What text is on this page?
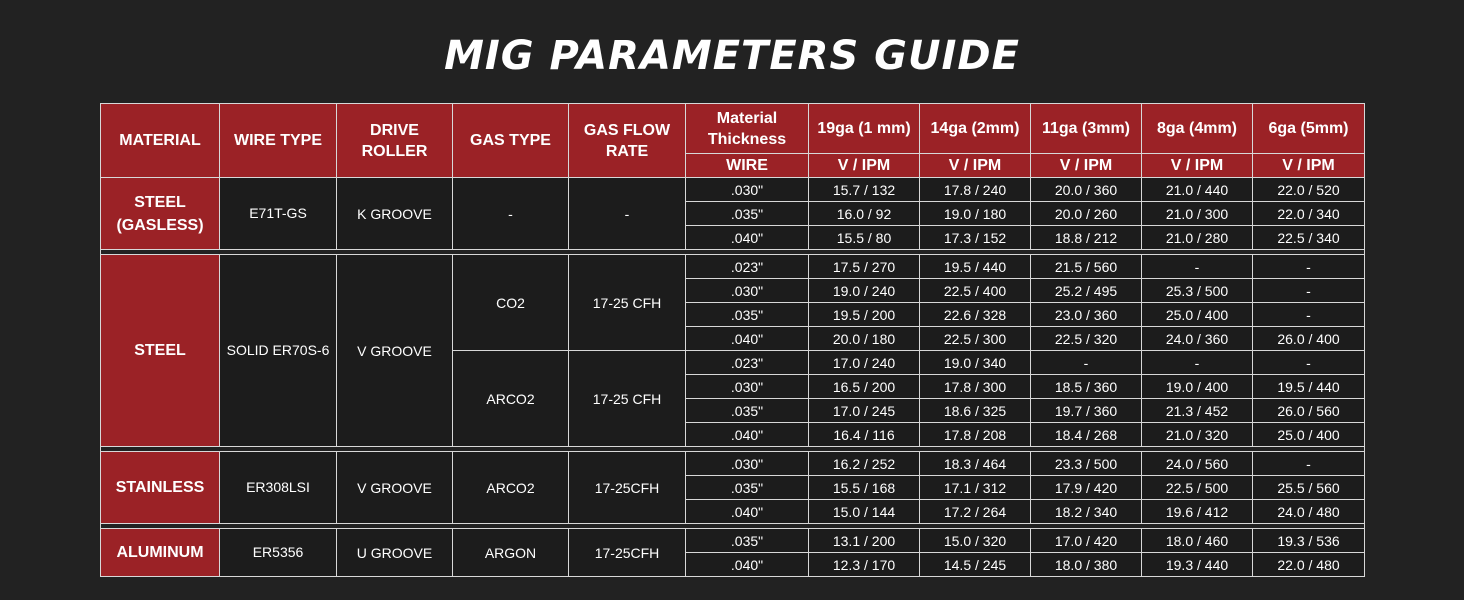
MIG PARAMETERS GUIDE
MATERIAL	WIRE TYPE	DRIVE ROLLER	GAS TYPE	GAS FLOW RATE	Material Thickness	19ga (1 mm)	14ga (2mm)	11ga (3mm)	8ga (4mm)	6ga (5mm)
					WIRE	V / IPM	V / IPM	V / IPM	V / IPM	V / IPM
STEEL (GASLESS)	E71T-GS	K GROOVE	-	-	.030"	15.7 / 132	17.8 / 240	20.0 / 360	21.0 / 440	22.0 / 520
					.035"	16.0 / 92	19.0 / 180	20.0 / 260	21.0 / 300	22.0 / 340
					.040"	15.5 / 80	17.3 / 152	18.8 / 212	21.0 / 280	22.5 / 340

STEEL	SOLID ER70S-6	V GROOVE	CO2	17-25 CFH	.023"	17.5 / 270	19.5 / 440	21.5 / 560	-	-
					.030"	19.0 / 240	22.5 / 400	25.2 / 495	25.3 / 500	-
					.035"	19.5 / 200	22.6 / 328	23.0 / 360	25.0 / 400	-
					.040"	20.0 / 180	22.5 / 300	22.5 / 320	24.0 / 360	26.0 / 400
			ARCO2	17-25 CFH	.023"	17.0 / 240	19.0 / 340	-	-	-
					.030"	16.5 / 200	17.8 / 300	18.5 / 360	19.0 / 400	19.5 / 440
					.035"	17.0 / 245	18.6 / 325	19.7 / 360	21.3 / 452	26.0 / 560
					.040"	16.4 / 116	17.8 / 208	18.4 / 268	21.0 / 320	25.0 / 400

STAINLESS	ER308LSI	V GROOVE	ARCO2	17-25CFH	.030"	16.2 / 252	18.3 / 464	23.3 / 500	24.0 / 560	-
					.035"	15.5 / 168	17.1 / 312	17.9 / 420	22.5 / 500	25.5 / 560
					.040"	15.0 / 144	17.2 / 264	18.2 / 340	19.6 / 412	24.0 / 480

ALUMINUM	ER5356	U GROOVE	ARGON	17-25CFH	.035"	13.1 / 200	15.0 / 320	17.0 / 420	18.0 / 460	19.3 / 536
					.040"	12.3 / 170	14.5 / 245	18.0 / 380	19.3 / 440	22.0 / 480
